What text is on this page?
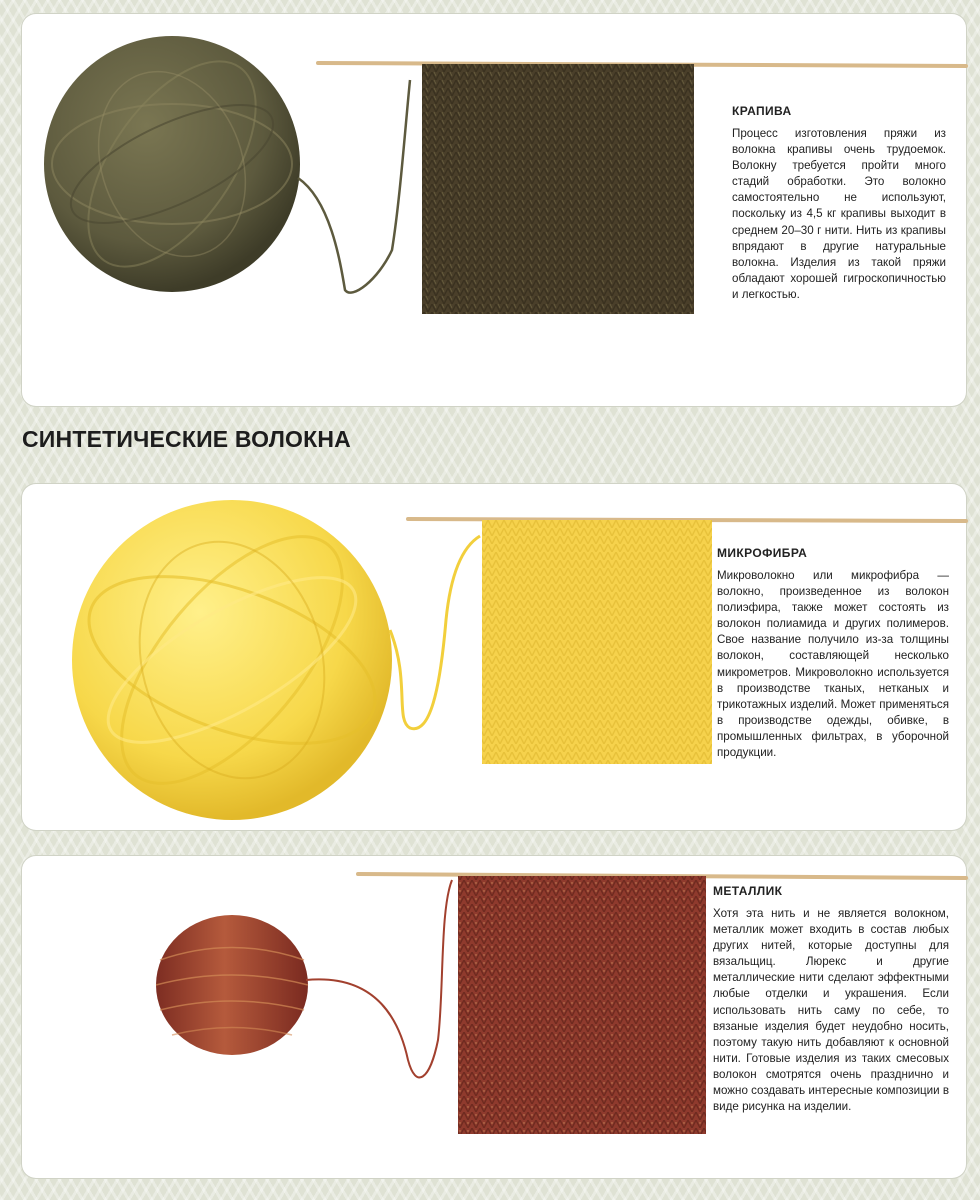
СИНТЕТИЧЕСКИЕ ВОЛОКНА
КРАПИВА
Процесс изготовления пряжи из волокна крапивы очень трудоемок. Волокну требуется пройти много стадий обработки. Это волокно самостоятельно не используют, поскольку из 4,5 кг крапивы выходит в среднем 20–30 г нити. Нить из крапивы впрядают в другие натуральные волокна. Изделия из такой пряжи обладают хорошей гигроскопичностью и легкостью.
МИКРОФИБРА
Микроволокно или микрофибра — волокно, произведенное из волокон полиэфира, также может состоять из волокон полиамида и других полимеров. Свое название получило из-за толщины волокон, составляющей несколько микрометров. Микроволокно используется в производстве тканых, нетканых и трикотажных изделий. Может применяться в производстве одежды, обивке, в промышленных фильтрах, в уборочной продукции.
МЕТАЛЛИК
Хотя эта нить и не является волокном, металлик может входить в состав любых других нитей, которые доступны для вязальщиц. Люрекс и другие металлические нити сделают эффектными любые отделки и украшения. Если использовать нить саму по себе, то вязаные изделия будет неудобно носить, поэтому такую нить добавляют к основной нити. Готовые изделия из таких смесовых волокон смотрятся очень празднично и можно создавать интересные композиции в виде рисунка на изделии.
